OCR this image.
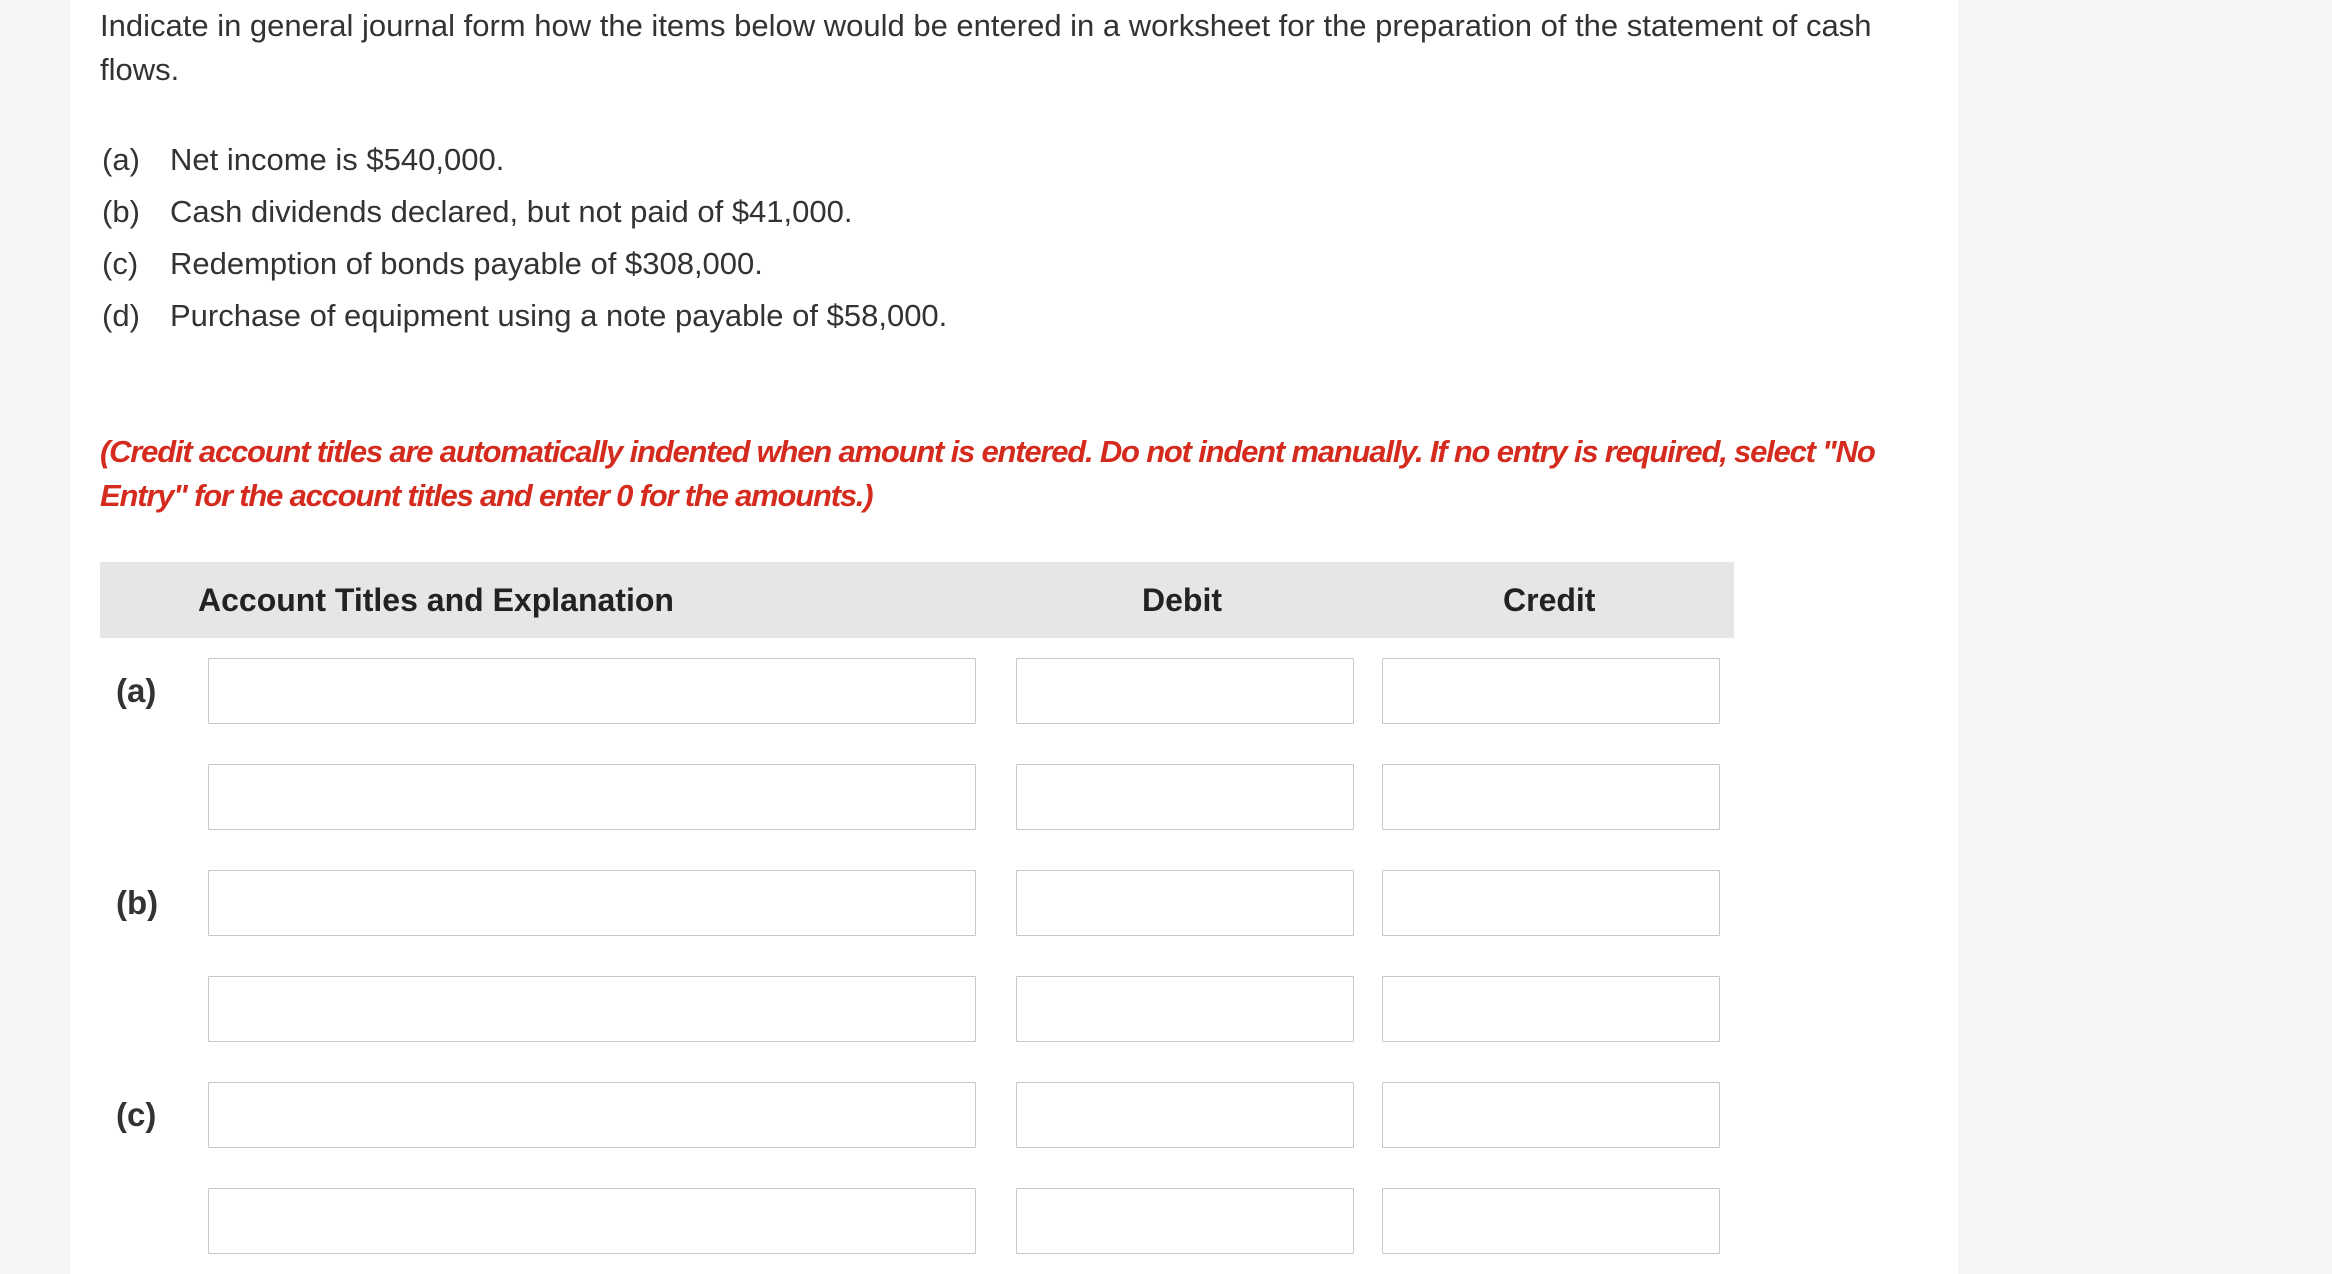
Indicate in general journal form how the items below would be entered in a worksheet for the preparation of the statement of cash flows.

(a) Net income is $540,000.
(b) Cash dividends declared, but not paid of $41,000.
(c)	Redemption of bonds payable of $308,000.
(d) Purchase of equipment using a note payable of $58,000.

(Credit account titles are automatically indented when amount is entered. Do not indent manually. If no entry is required, select "No Entry" for the account titles and enter 0 for the amounts.)

Account Titles and Explanation	Debit	Credit
(a)
(b)
(c)
